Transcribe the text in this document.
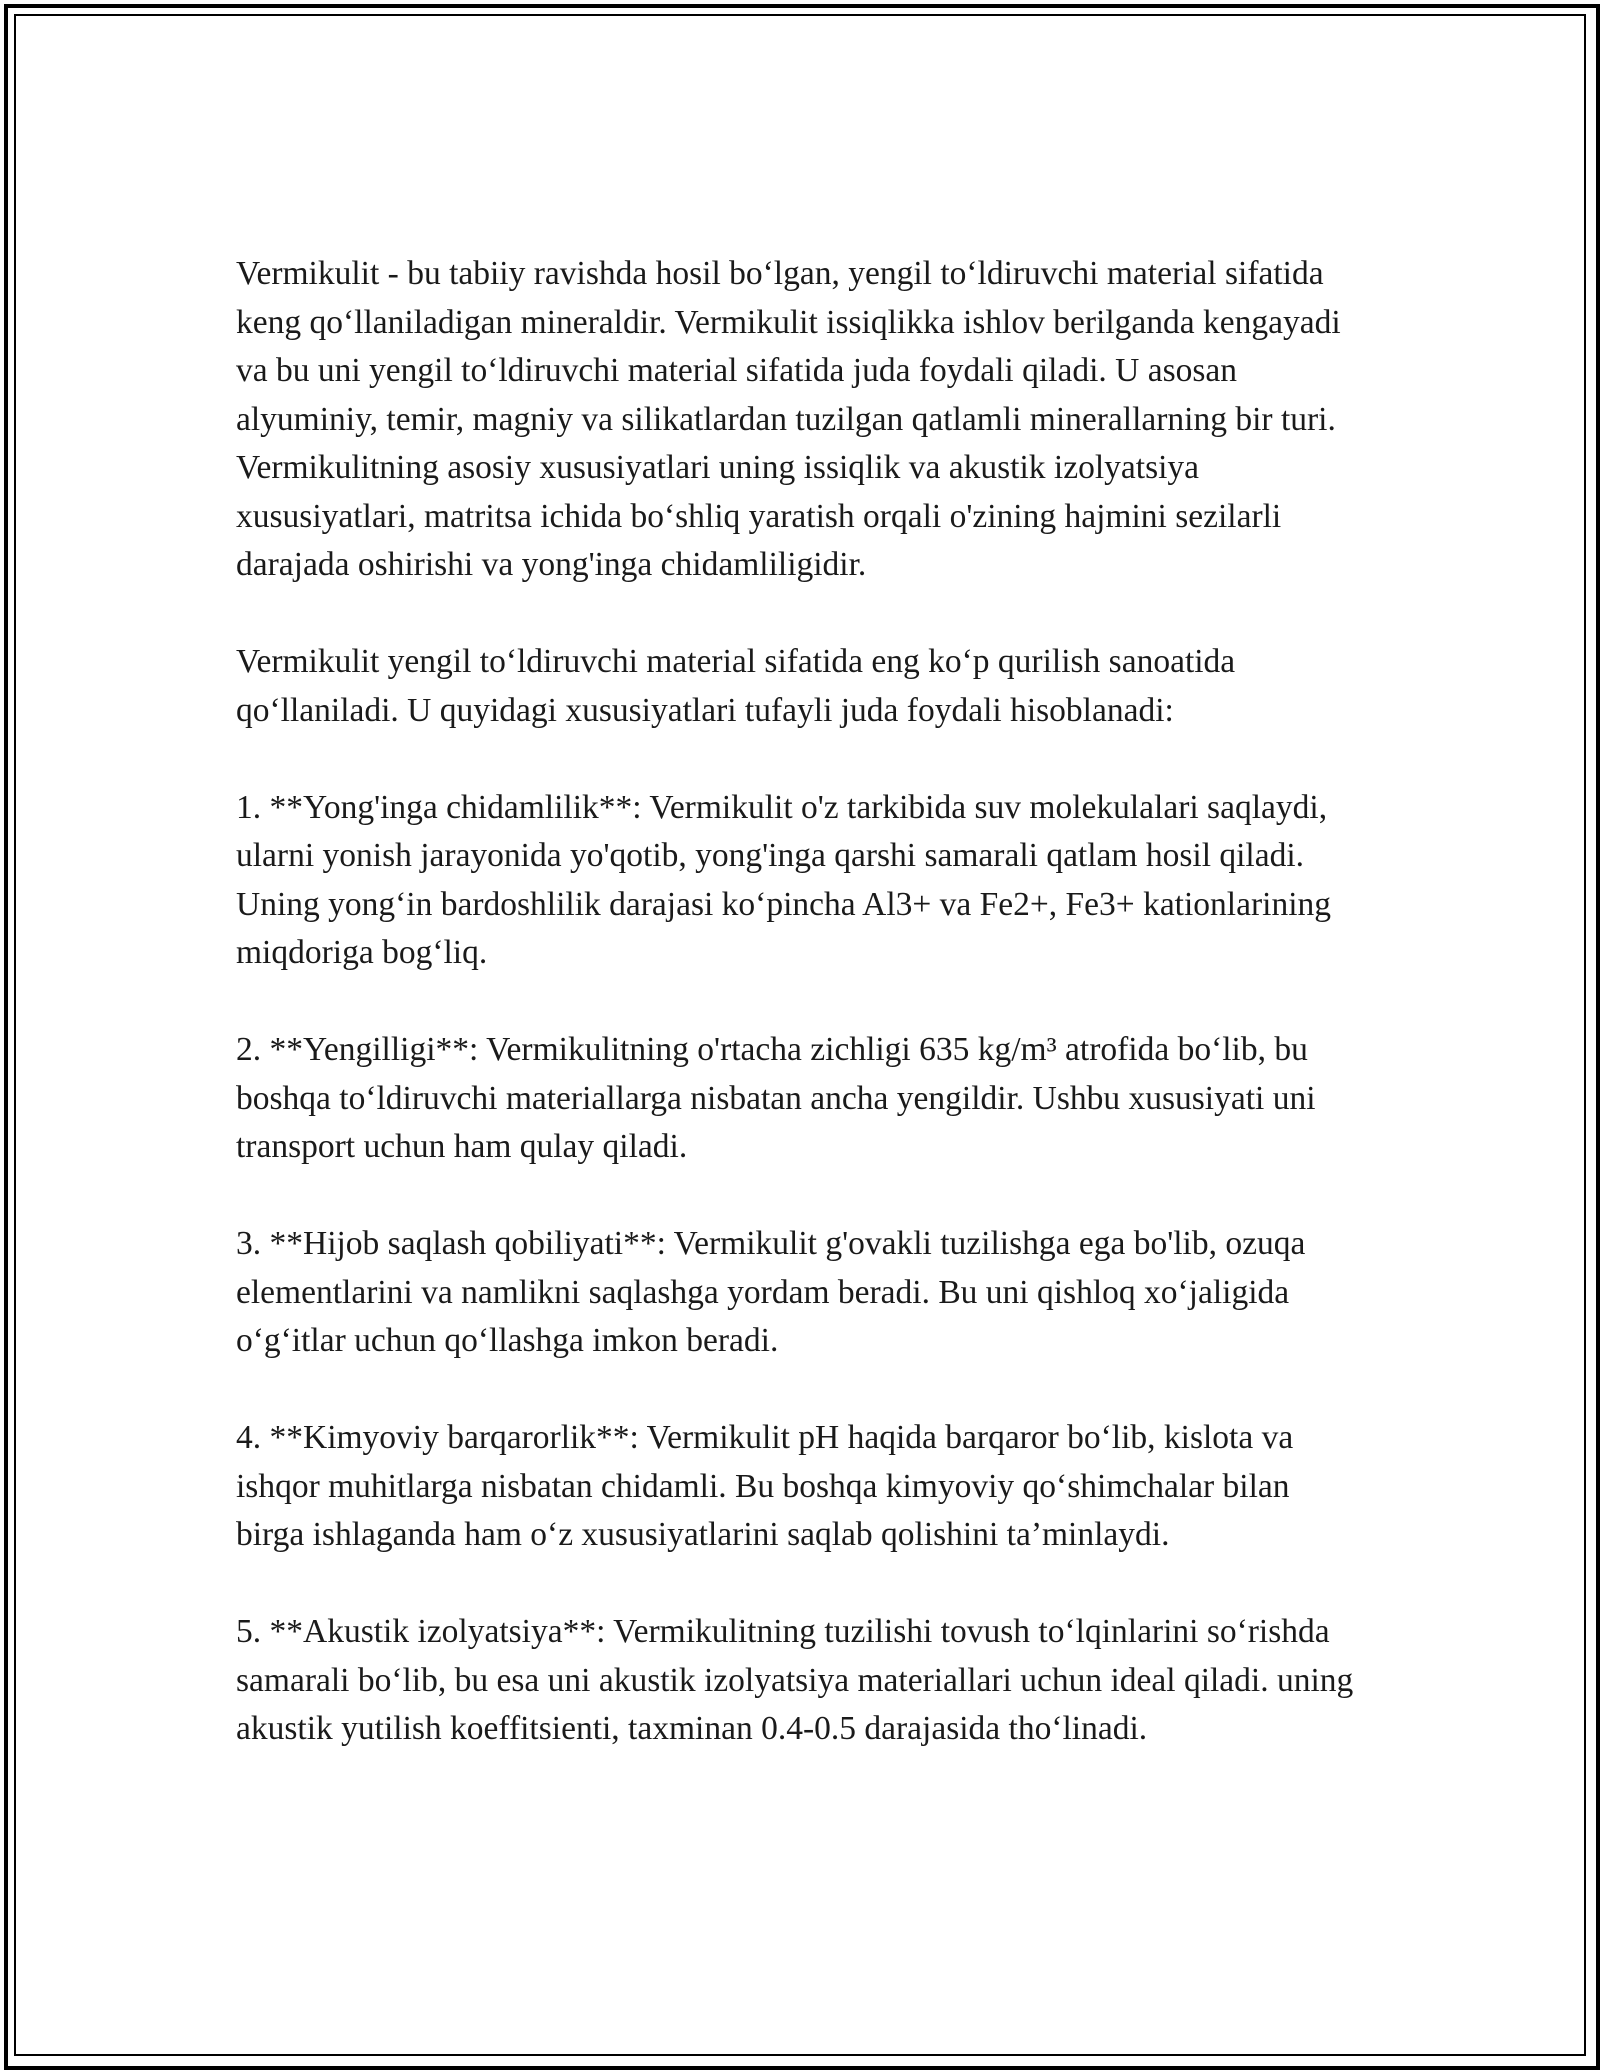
Vermikulit - bu tabiiy ravishda hosil boʻlgan, yengil toʻldiruvchi material sifatida keng qoʻllaniladigan mineraldir. Vermikulit issiqlikka ishlov berilganda kengayadi va bu uni yengil toʻldiruvchi material sifatida juda foydali qiladi. U asosan alyuminiy, temir, magniy va silikatlardan tuzilgan qatlamli minerallarning bir turi. Vermikulitning asosiy xususiyatlari uning issiqlik va akustik izolyatsiya xususiyatlari, matritsa ichida boʻshliq yaratish orqali o'zining hajmini sezilarli darajada oshirishi va yong'inga chidamliligidir.

Vermikulit yengil toʻldiruvchi material sifatida eng koʻp qurilish sanoatida qoʻllaniladi. U quyidagi xususiyatlari tufayli juda foydali hisoblanadi:

1. **Yong'inga chidamlilik**: Vermikulit o'z tarkibida suv molekulalari saqlaydi, ularni yonish jarayonida yo'qotib, yong'inga qarshi samarali qatlam hosil qiladi. Uning yongʻin bardoshlilik darajasi koʻpincha Al3+ va Fe2+, Fe3+ kationlarining miqdoriga bogʻliq.

2. **Yengilligi**: Vermikulitning o'rtacha zichligi 635 kg/m³ atrofida boʻlib, bu boshqa toʻldiruvchi materiallarga nisbatan ancha yengildir. Ushbu xususiyati uni transport uchun ham qulay qiladi.

3. **Hijob saqlash qobiliyati**: Vermikulit g'ovakli tuzilishga ega bo'lib, ozuqa elementlarini va namlikni saqlashga yordam beradi. Bu uni qishloq xoʻjaligida oʻgʻitlar uchun qoʻllashga imkon beradi.

4. **Kimyoviy barqarorlik**: Vermikulit pH haqida barqaror boʻlib, kislota va ishqor muhitlarga nisbatan chidamli. Bu boshqa kimyoviy qoʻshimchalar bilan birga ishlaganda ham oʻz xususiyatlarini saqlab qolishini ta’minlaydi.

5. **Akustik izolyatsiya**: Vermikulitning tuzilishi tovush toʻlqinlarini soʻrishda samarali boʻlib, bu esa uni akustik izolyatsiya materiallari uchun ideal qiladi. uning akustik yutilish koeffitsienti, taxminan 0.4-0.5 darajasida thoʻlinadi.
